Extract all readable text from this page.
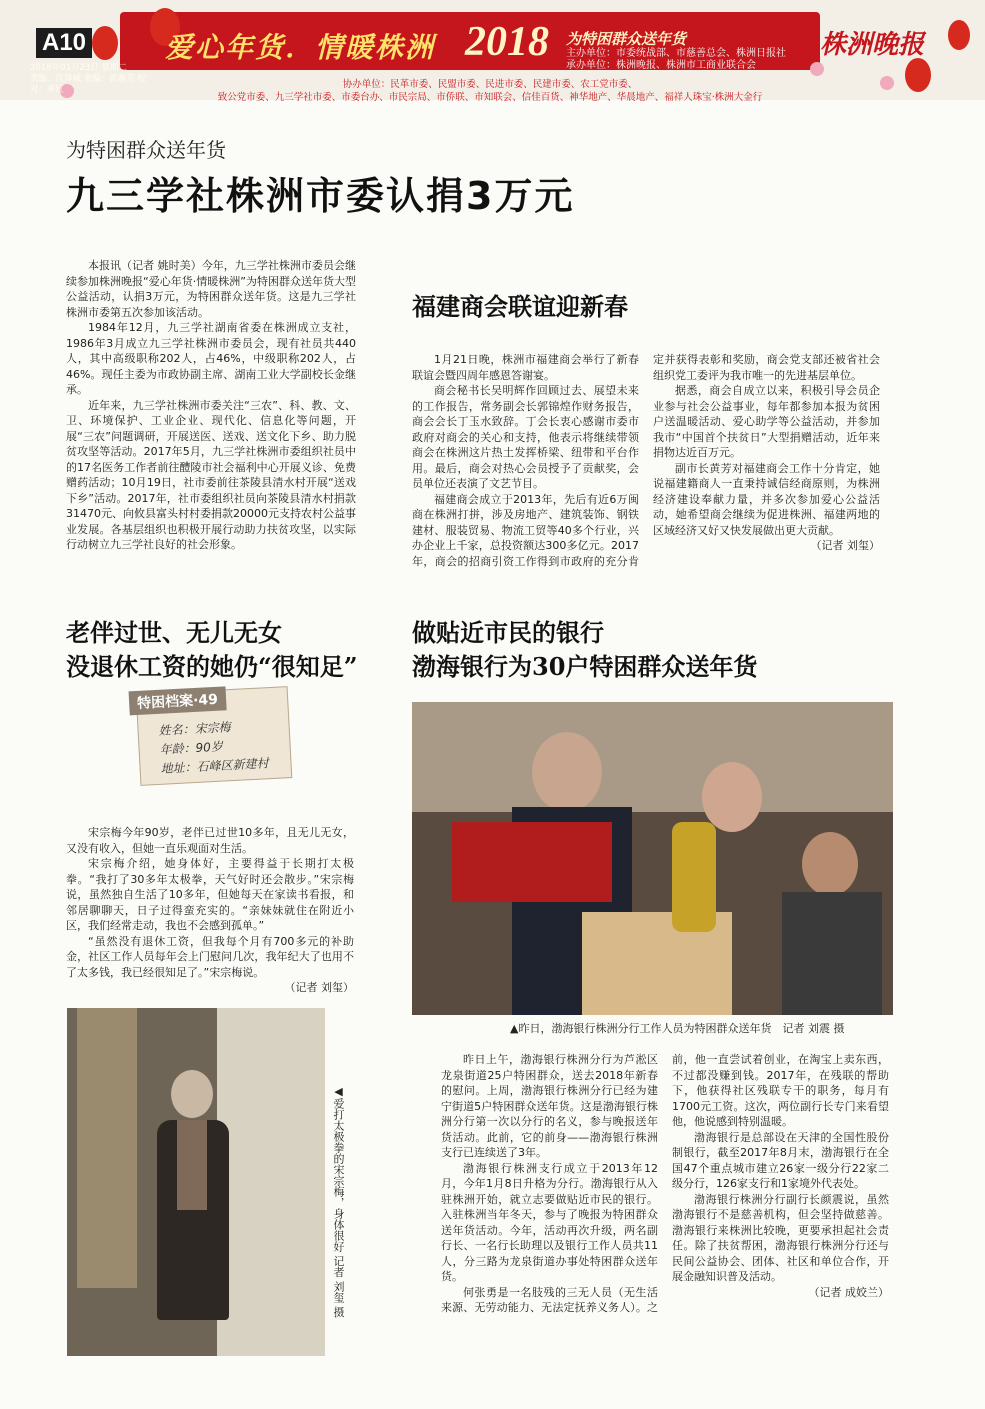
A10	爱心年货．情暖株洲 2018 为特困群众送年货
主办单位：市委统战部、市慈善总会、株洲日报社
承办单位：株洲晚报、株洲市工商业联合会
2018年01月23日 星期二
责编：沈泽城 美编：郭鑫芳 校对：单红
株洲晚报
协办单位：民革市委、民盟市委、民进市委、民建市委、农工党市委、
致公党市委、九三学社市委、市委台办、市民宗局、市侨联、市知联会、信佳百货、神华地产、华晨地产、福祥人珠宝·株洲大金行
为特困群众送年货
九三学社株洲市委认捐3万元

本报讯（记者 姚时美）今年，九三学社株洲市委员会继续参加株洲晚报“爱心年货·情暖株洲”为特困群众送年货大型公益活动，认捐3万元，为特困群众送年货。这是九三学社株洲市委第五次参加该活动。

1984年12月，九三学社湖南省委在株洲成立支社，1986年3月成立九三学社株洲市委员会，现有社员共440人，其中高级职称202人，占46%，中级职称202人，占46%。现任主委为市政协副主席、湖南工业大学副校长金继承。

近年来，九三学社株洲市委关注“三农”、科、教、文、卫、环境保护、工业企业、现代化、信息化等问题，开展“三农”问题调研，开展送医、送戏、送文化下乡、助力脱贫攻坚等活动。2017年5月，九三学社株洲市委组织社员中的17名医务工作者前往醴陵市社会福利中心开展义诊、免费赠药活动；10月19日，社市委前往茶陵县清水村开展“送戏下乡”活动。2017年，社市委组织社员向茶陵县清水村捐款31470元、向攸县富头村村委捐款20000元支持农村公益事业发展。各基层组织也积极开展行动助力扶贫攻坚，以实际行动树立九三学社良好的社会形象。

福建商会联谊迎新春

1月21日晚，株洲市福建商会举行了新春联谊会暨四周年感恩答谢宴。

商会秘书长吴明辉作回顾过去、展望未来的工作报告，常务副会长郭锦煌作财务报告，商会会长丁玉水致辞。丁会长衷心感谢市委市政府对商会的关心和支持，他表示将继续带领商会在株洲这片热土发挥桥梁、纽带和平台作用。最后，商会对热心会员授予了贡献奖，会员单位还表演了文艺节目。

福建商会成立于2013年，先后有近6万闽商在株洲打拼，涉及房地产、建筑装饰、钢铁建材、服装贸易、物流工贸等40多个行业，兴办企业上千家，总投资额达300多亿元。2017年，商会的招商引资工作得到市政府的充分肯定并获得表彰和奖励，商会党支部还被省社会组织党工委评为我市唯一的先进基层单位。

据悉，商会自成立以来，积极引导会员企业参与社会公益事业，每年都参加本报为贫困户送温暖活动、爱心助学等公益活动，并参加我市“中国首个扶贫日”大型捐赠活动，近年来捐物达近百万元。

副市长黄芳对福建商会工作十分肯定，她说福建籍商人一直秉持诚信经商原则，为株洲经济建设奉献力量，并多次参加爱心公益活动，她希望商会继续为促进株洲、福建两地的区域经济又好又快发展做出更大贡献。

（记者 刘玺）
老伴过世、无儿无女
没退休工资的她仍“很知足”
特困档案·49
姓名：宋宗梅
年龄：90岁
地址：石峰区新建村

宋宗梅今年90岁，老伴已过世10多年，且无儿无女，又没有收入，但她一直乐观面对生活。

宋宗梅介绍，她身体好，主要得益于长期打太极拳。“我打了30多年太极拳，天气好时还会散步。”宋宗梅说，虽然独自生活了10多年，但她每天在家读书看报，和邻居聊聊天，日子过得蛮充实的。“亲妹妹就住在附近小区，我们经常走动，我也不会感到孤单。”

“虽然没有退休工资，但我每个月有700多元的补助金，社区工作人员每年会上门慰问几次，我年纪大了也用不了太多钱，我已经很知足了。”宋宗梅说。

（记者 刘玺）
◀爱打太极拳的宋宗梅，身体很好 记者 刘玺 摄
做贴近市民的银行
渤海银行为30户特困群众送年货
▲昨日，渤海银行株洲分行工作人员为特困群众送年货　记者 刘震 摄

昨日上午，渤海银行株洲分行为芦淞区龙泉街道25户特困群众，送去2018年新春的慰问。上周，渤海银行株洲分行已经为建宁街道5户特困群众送年货。这是渤海银行株洲分行第一次以分行的名义，参与晚报送年货活动。此前，它的前身——渤海银行株洲支行已连续送了3年。

渤海银行株洲支行成立于2013年12月，今年1月8日升格为分行。渤海银行从入驻株洲开始，就立志要做贴近市民的银行。入驻株洲当年冬天，参与了晚报为特困群众送年货活动。今年，活动再次升级，两名副行长、一名行长助理以及银行工作人员共11人，分三路为龙泉街道办事处特困群众送年货。

何张勇是一名肢残的三无人员（无生活来源、无劳动能力、无法定抚养义务人）。之前，他一直尝试着创业，在淘宝上卖东西，不过都没赚到钱。2017年，在残联的帮助下，他获得社区残联专干的职务，每月有1700元工资。这次，两位副行长专门来看望他，他说感到特别温暖。

渤海银行是总部设在天津的全国性股份制银行，截至2017年8月末，渤海银行在全国47个重点城市建立26家一级分行22家二级分行，126家支行和1家境外代表处。

渤海银行株洲分行副行长颜震说，虽然渤海银行不是慈善机构，但会坚持做慈善。渤海银行来株洲比较晚，更要承担起社会责任。除了扶贫帮困，渤海银行株洲分行还与民间公益协会、团体、社区和单位合作，开展金融知识普及活动。

（记者 成姣兰）
